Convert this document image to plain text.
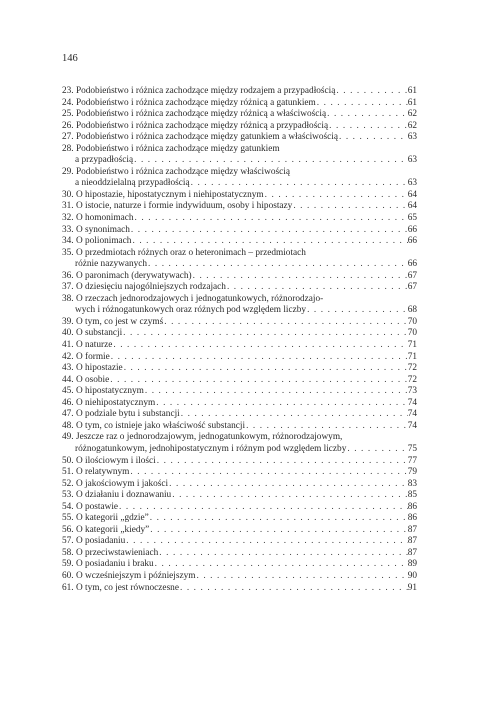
146
23. Podobieństwo i różnica zachodzące między rodzajem a przypadłością . . .	61
24. Podobieństwo i różnica zachodzące między różnicą a gatunkiem . . .	61
25. Podobieństwo i różnica zachodzące między różnicą a właściwością . . .	62
26. Podobieństwo i różnica zachodzące między różnicą a przypadłością . . .	62
27. Podobieństwo i różnica zachodzące między gatunkiem a właściwością . . .	63
28. Podobieństwo i różnica zachodzące między gatunkiem
a przypadłością . . .	63
29. Podobieństwo i różnica zachodzące między właściwością
a nieoddzielalną przypadłością . . .	63
30. O hipostazie, hipostatycznym i niehipostatycznym . . .	64
31. O istocie, naturze i formie indywiduum, osoby i hipostazy . . .	64
32. O homonimach . . .	65
33. O synonimach . . .	66
34. O polionimach . . .	66
35. O przedmiotach różnych oraz o heteronimach – przedmiotach
różnie nazywanych . . .	66
36. O paronimach (derywatywach) . . .	67
37. O dziesięciu najogólniejszych rodzajach . . .	67
38. O rzeczach jednorodzajowych i jednogatunkowych, różnorodzajo-
wych i różnogatunkowych oraz różnych pod względem liczby . . .	68
39. O tym, co jest w czymś . . .	70
40. O substancji . . .	70
41. O naturze . . .	71
42. O formie . . .	71
43. O hipostazie . . .	72
44. O osobie . . .	72
45. O hipostatycznym . . .	73
46. O niehipostatycznym . . .	74
47. O podziale bytu i substancji . . .	74
48. O tym, co istnieje jako właściwość substancji . . .	74
49. Jeszcze raz o jednorodzajowym, jednogatunkowym, różnorodzajowym,
różnogatunkowym, jednohipostatycznym i różnym pod względem liczby . . .	75
50. O ilościowym i ilości . . .	77
51. O relatywnym . . .	79
52. O jakościowym i jakości . . .	83
53. O działaniu i doznawaniu . . .	85
54. O postawie . . .	86
55. O kategorii „gdzie” . . .	86
56. O kategorii „kiedy” . . .	87
57. O posiadaniu . . .	87
58. O przeciwstawieniach . . .	87
59. O posiadaniu i braku . . .	89
60. O wcześniejszym i późniejszym . . .	90
61. O tym, co jest równoczesne . . .	91
